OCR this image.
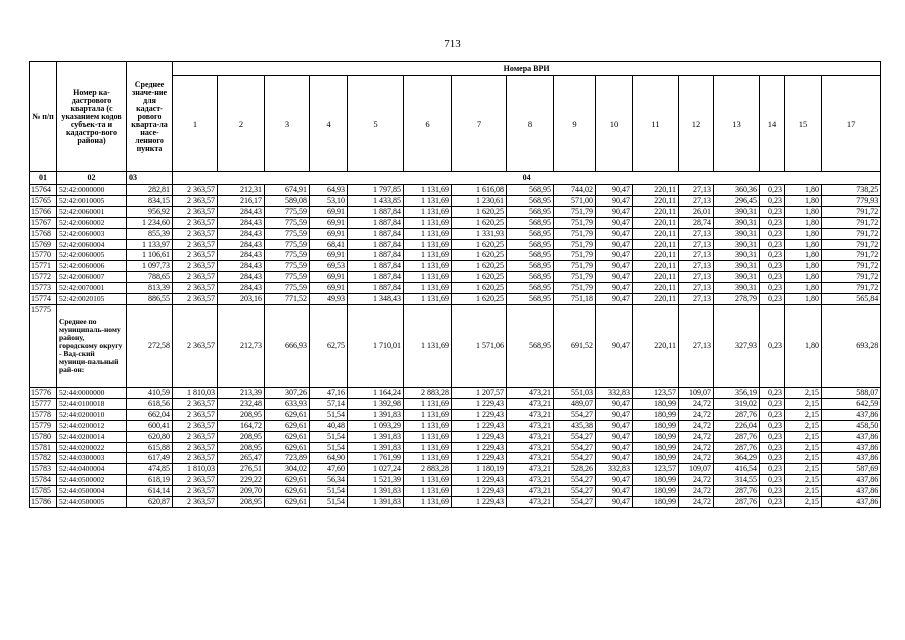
713
№ п/п	Номер ка-дастрового квартала (с указанием кодов субъек-та и кадастро-вого района)	Среднее значе-ние для кадаст-рового кварта-ла насе-ленного пункта	Номера ВРИ															
			1	2	3	4	5	6	7	8	9	10	11	12	13	14	15	17
01	02	03	04															
15764	52:42:0000000	282,81	2 363,57	212,31	674,91	64,93	1 797,85	1 131,69	1 616,08	568,95	744,02	90,47	220,11	27,13	360,36	0,23	1,80	738,25
15765	52:42:0010005	834,15	2 363,57	216,17	589,08	53,10	1 433,85	1 131,69	1 230,61	568,95	571,00	90,47	220,11	27,13	296,45	0,23	1,80	779,93
15766	52:42:0060001	956,92	2 363,57	284,43	775,59	69,91	1 887,84	1 131,69	1 620,25	568,95	751,79	90,47	220,11	26,01	390,31	0,23	1,80	791,72
15767	52:42:0060002	1 234,60	2 363,57	284,43	775,59	69,91	1 887,84	1 131,69	1 620,25	568,95	751,79	90,47	220,11	28,74	390,31	0,23	1,80	791,72
15768	52:42:0060003	855,39	2 363,57	284,43	775,59	69,91	1 887,84	1 131,69	1 331,93	568,95	751,79	90,47	220,11	27,13	390,31	0,23	1,80	791,72
15769	52:42:0060004	1 133,97	2 363,57	284,43	775,59	68,41	1 887,84	1 131,69	1 620,25	568,95	751,79	90,47	220,11	27,13	390,31	0,23	1,80	791,72
15770	52:42:0060005	1 106,61	2 363,57	284,43	775,59	69,91	1 887,84	1 131,69	1 620,25	568,95	751,79	90,47	220,11	27,13	390,31	0,23	1,80	791,72
15771	52:42:0060006	1 097,73	2 363,57	284,43	775,59	69,53	1 887,84	1 131,69	1 620,25	568,95	751,79	90,47	220,11	27,13	390,31	0,23	1,80	791,72
15772	52:42:0060007	788,65	2 363,57	284,43	775,59	69,91	1 887,84	1 131,69	1 620,25	568,95	751,79	90,47	220,11	27,13	390,31	0,23	1,80	791,72
15773	52:42:0070001	813,39	2 363,57	284,43	775,59	69,91	1 887,84	1 131,69	1 620,25	568,95	751,79	90,47	220,11	27,13	390,31	0,23	1,80	791,72
15774	52:42:0020105	886,55	2 363,57	203,16	771,52	49,93	1 348,43	1 131,69	1 620,25	568,95	751,18	90,47	220,11	27,13	278,79	0,23	1,80	565,84
15775	Среднее по муниципаль-ному району, городскому округу - Вад-ский муници-пальный рай-он:	272,58	2 363,57	212,73	666,93	62,75	1 710,01	1 131,69	1 571,06	568,95	691,52	90,47	220,11	27,13	327,93	0,23	1,80	693,28
15776	52:44:0000000	410,59	1 810,03	213,39	307,26	47,16	1 164,24	2 883,28	1 207,57	473,21	551,03	332,83	123,57	109,07	356,19	0,23	2,15	588,07
15777	52:44:0100018	618,56	2 363,57	232,48	633,93	57,14	1 392,98	1 131,69	1 229,43	473,21	489,07	90,47	180,99	24,72	319,02	0,23	2,15	642,59
15778	52:44:0200010	662,04	2 363,57	208,95	629,61	51,54	1 391,83	1 131,69	1 229,43	473,21	554,27	90,47	180,99	24,72	287,76	0,23	2,15	437,86
15779	52:44:0200012	600,41	2 363,57	164,72	629,61	40,48	1 093,29	1 131,69	1 229,43	473,21	435,38	90,47	180,99	24,72	226,04	0,23	2,15	458,50
15780	52:44:0200014	620,80	2 363,57	208,95	629,61	51,54	1 391,83	1 131,69	1 229,43	473,21	554,27	90,47	180,99	24,72	287,76	0,23	2,15	437,86
15781	52:44:0200022	615,88	2 363,57	208,95	629,61	51,54	1 391,83	1 131,69	1 229,43	473,21	554,27	90,47	180,99	24,72	287,76	0,23	2,15	437,86
15782	52:44:0300003	617,49	2 363,57	265,47	723,89	64,90	1 761,99	1 131,69	1 229,43	473,21	554,27	90,47	180,99	24,72	364,29	0,23	2,15	437,86
15783	52:44:0400004	474,85	1 810,03	276,51	304,02	47,60	1 027,24	2 883,28	1 180,19	473,21	528,26	332,83	123,57	109,07	416,54	0,23	2,15	587,69
15784	52:44:0500002	618,19	2 363,57	229,22	629,61	56,34	1 521,39	1 131,69	1 229,43	473,21	554,27	90,47	180,99	24,72	314,55	0,23	2,15	437,86
15785	52:44:0500004	614,14	2 363,57	209,70	629,61	51,54	1 391,83	1 131,69	1 229,43	473,21	554,27	90,47	180,99	24,72	287,76	0,23	2,15	437,86
15786	52:44:0500005	620,87	2 363,57	208,95	629,61	51,54	1 391,83	1 131,69	1 229,43	473,21	554,27	90,47	180,99	24,72	287,76	0,23	2,15	437,86
